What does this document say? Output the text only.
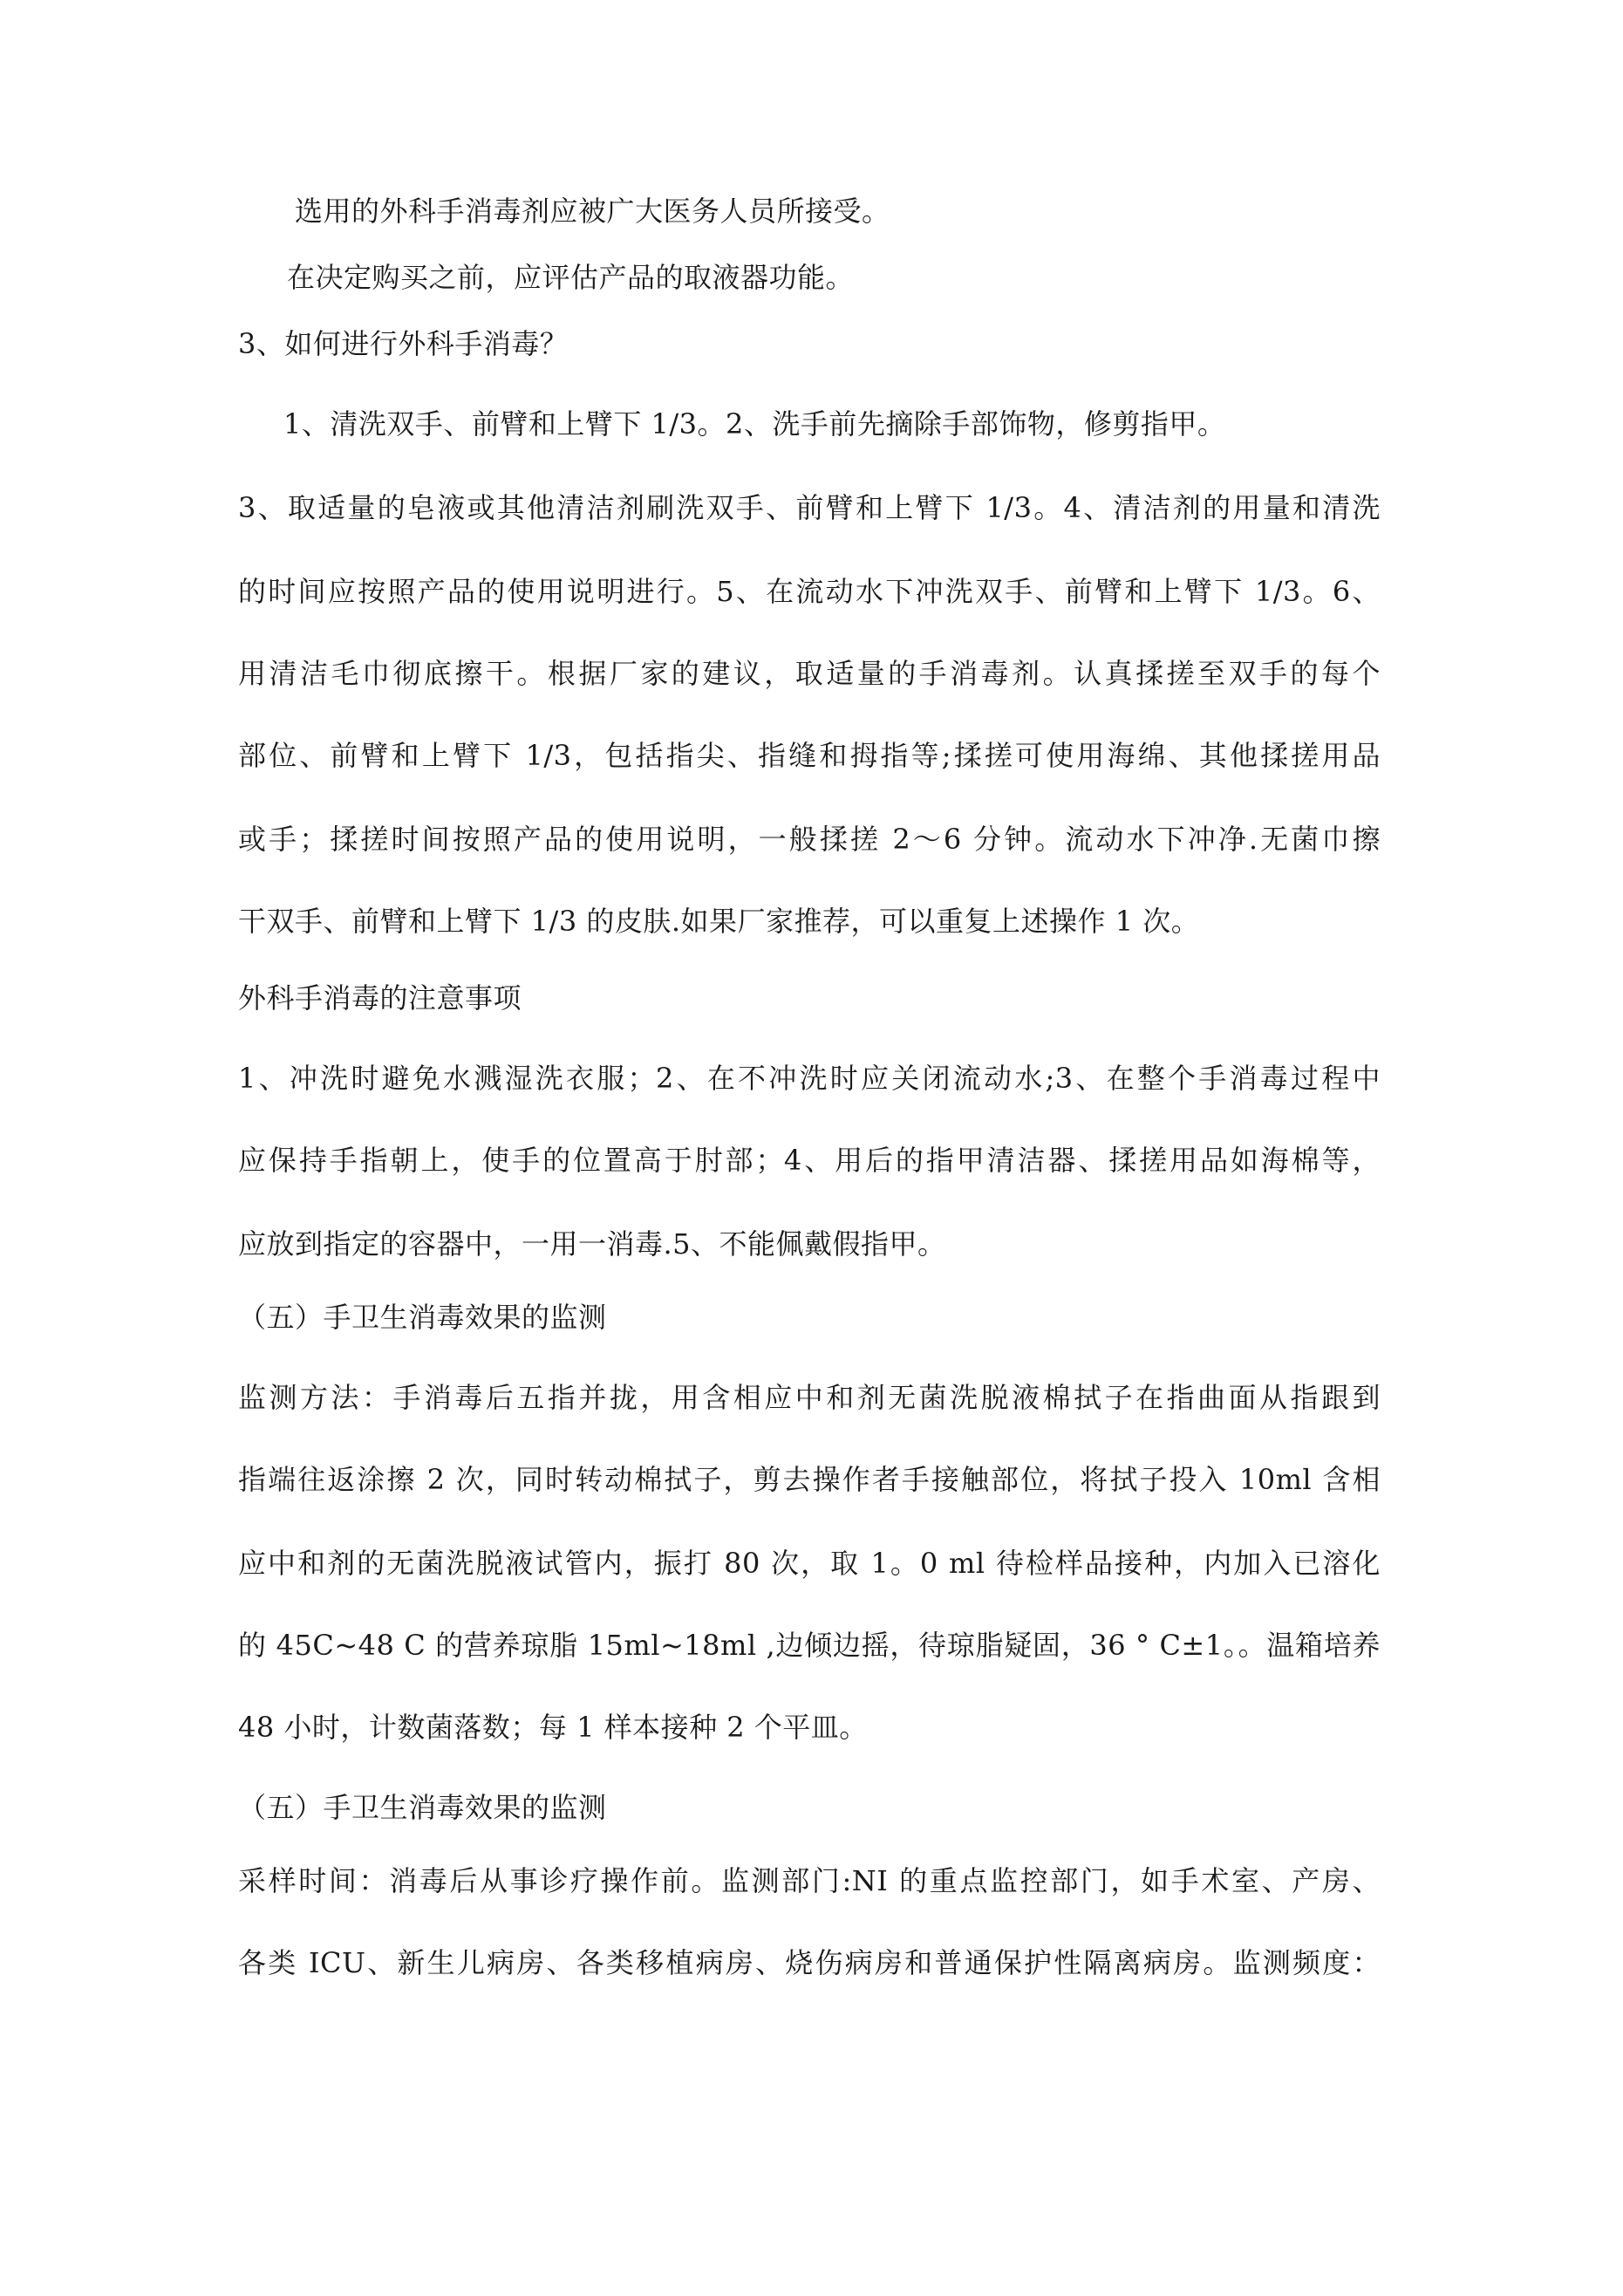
选用的外科手消毒剂应被广大医务人员所接受。
在决定购买之前，应评估产品的取液器功能。
3、如何进行外科手消毒？
1、清洗双手、前臂和上臂下 1/3。2、洗手前先摘除手部饰物，修剪指甲。
3、取适量的皂液或其他清洁剂刷洗双手、前臂和上臂下 1/3。4、清洁剂的用量和清洗
的时间应按照产品的使用说明进行。5、在流动水下冲洗双手、前臂和上臂下 1/3。6、
用清洁毛巾彻底擦干。根据厂家的建议，取适量的手消毒剂。认真揉搓至双手的每个
部位、前臂和上臂下 1/3，包括指尖、指缝和拇指等;揉搓可使用海绵、其他揉搓用品
或手；揉搓时间按照产品的使用说明，一般揉搓 2〜6 分钟。流动水下冲净.无菌巾擦
干双手、前臂和上臂下 1/3 的皮肤.如果厂家推荐，可以重复上述操作 1 次。
外科手消毒的注意事项
1、冲洗时避免水溅湿洗衣服；2、在不冲洗时应关闭流动水;3、在整个手消毒过程中
应保持手指朝上，使手的位置高于肘部；4、用后的指甲清洁器、揉搓用品如海棉等，
应放到指定的容器中，一用一消毒.5、不能佩戴假指甲。
（五）手卫生消毒效果的监测
监测方法：手消毒后五指并拢，用含相应中和剂无菌洗脱液棉拭子在指曲面从指跟到
指端往返涂擦 2 次，同时转动棉拭子，剪去操作者手接触部位，将拭子投入 10ml 含相
应中和剂的无菌洗脱液试管内，振打 80 次，取 1。0 ml 待检样品接种，内加入已溶化
的 45C~48 C 的营养琼脂 15ml~18ml ,边倾边摇，待琼脂疑固，36 ° C±1。。温箱培养
48 小时，计数菌落数；每 1 样本接种 2 个平皿。
（五）手卫生消毒效果的监测
采样时间：消毒后从事诊疗操作前。监测部门:NI 的重点监控部门，如手术室、产房、
各类 ICU、新生儿病房、各类移植病房、烧伤病房和普通保护性隔离病房。监测频度：
